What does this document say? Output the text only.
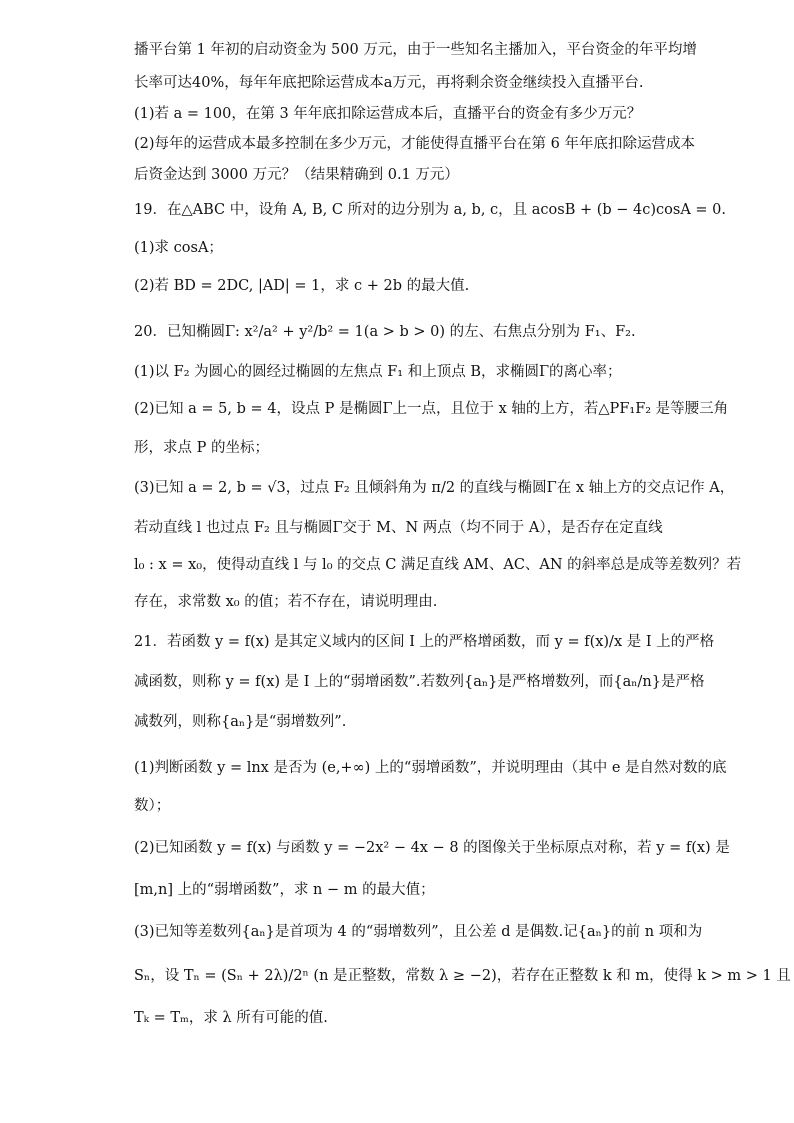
播平台第 1 年初的启动资金为 500 万元，由于一些知名主播加入，平台资金的年平均增
长率可达40%，每年年底把除运营成本a万元，再将剩余资金继续投入直播平台.
(1)若 a = 100，在第 3 年年底扣除运营成本后，直播平台的资金有多少万元？
(2)每年的运营成本最多控制在多少万元，才能使得直播平台在第 6 年年底扣除运营成本
后资金达到 3000 万元？（结果精确到 0.1 万元）
19．在△ABC 中，设角 A, B, C 所对的边分别为 a, b, c，且 acosB + (b − 4c)cosA = 0.
(1)求 cosA；
(2)若 BD = 2DC, |AD| = 1，求 c + 2b 的最大值.
20．已知椭圆Γ: x²/a² + y²/b² = 1(a > b > 0) 的左、右焦点分别为 F₁、F₂.
(1)以 F₂ 为圆心的圆经过椭圆的左焦点 F₁ 和上顶点 B，求椭圆Γ的离心率；
(2)已知 a = 5, b = 4，设点 P 是椭圆Γ上一点，且位于 x 轴的上方，若△PF₁F₂ 是等腰三角
形，求点 P 的坐标；
(3)已知 a = 2, b = √3，过点 F₂ 且倾斜角为 π/2 的直线与椭圆Γ在 x 轴上方的交点记作 A，
若动直线 l 也过点 F₂ 且与椭圆Γ交于 M、N 两点（均不同于 A），是否存在定直线
l₀ : x = x₀，使得动直线 l 与 l₀ 的交点 C 满足直线 AM、AC、AN 的斜率总是成等差数列？若
存在，求常数 x₀ 的值；若不存在，请说明理由.
21．若函数 y = f(x) 是其定义域内的区间 I 上的严格增函数，而 y = f(x)/x 是 I 上的严格
减函数，则称 y = f(x) 是 I 上的“弱增函数”.若数列{aₙ}是严格增数列，而{aₙ/n}是严格
减数列，则称{aₙ}是“弱增数列”.
(1)判断函数 y = lnx 是否为 (e,+∞) 上的“弱增函数”，并说明理由（其中 e 是自然对数的底
数）；
(2)已知函数 y = f(x) 与函数 y = −2x² − 4x − 8 的图像关于坐标原点对称，若 y = f(x) 是
[m,n] 上的“弱增函数”，求 n − m 的最大值；
(3)已知等差数列{aₙ}是首项为 4 的“弱增数列”，且公差 d 是偶数.记{aₙ}的前 n 项和为
Sₙ，设 Tₙ = (Sₙ + 2λ)/2ⁿ (n 是正整数，常数 λ ≥ −2)，若存在正整数 k 和 m，使得 k > m > 1 且
Tₖ = Tₘ，求 λ 所有可能的值.
